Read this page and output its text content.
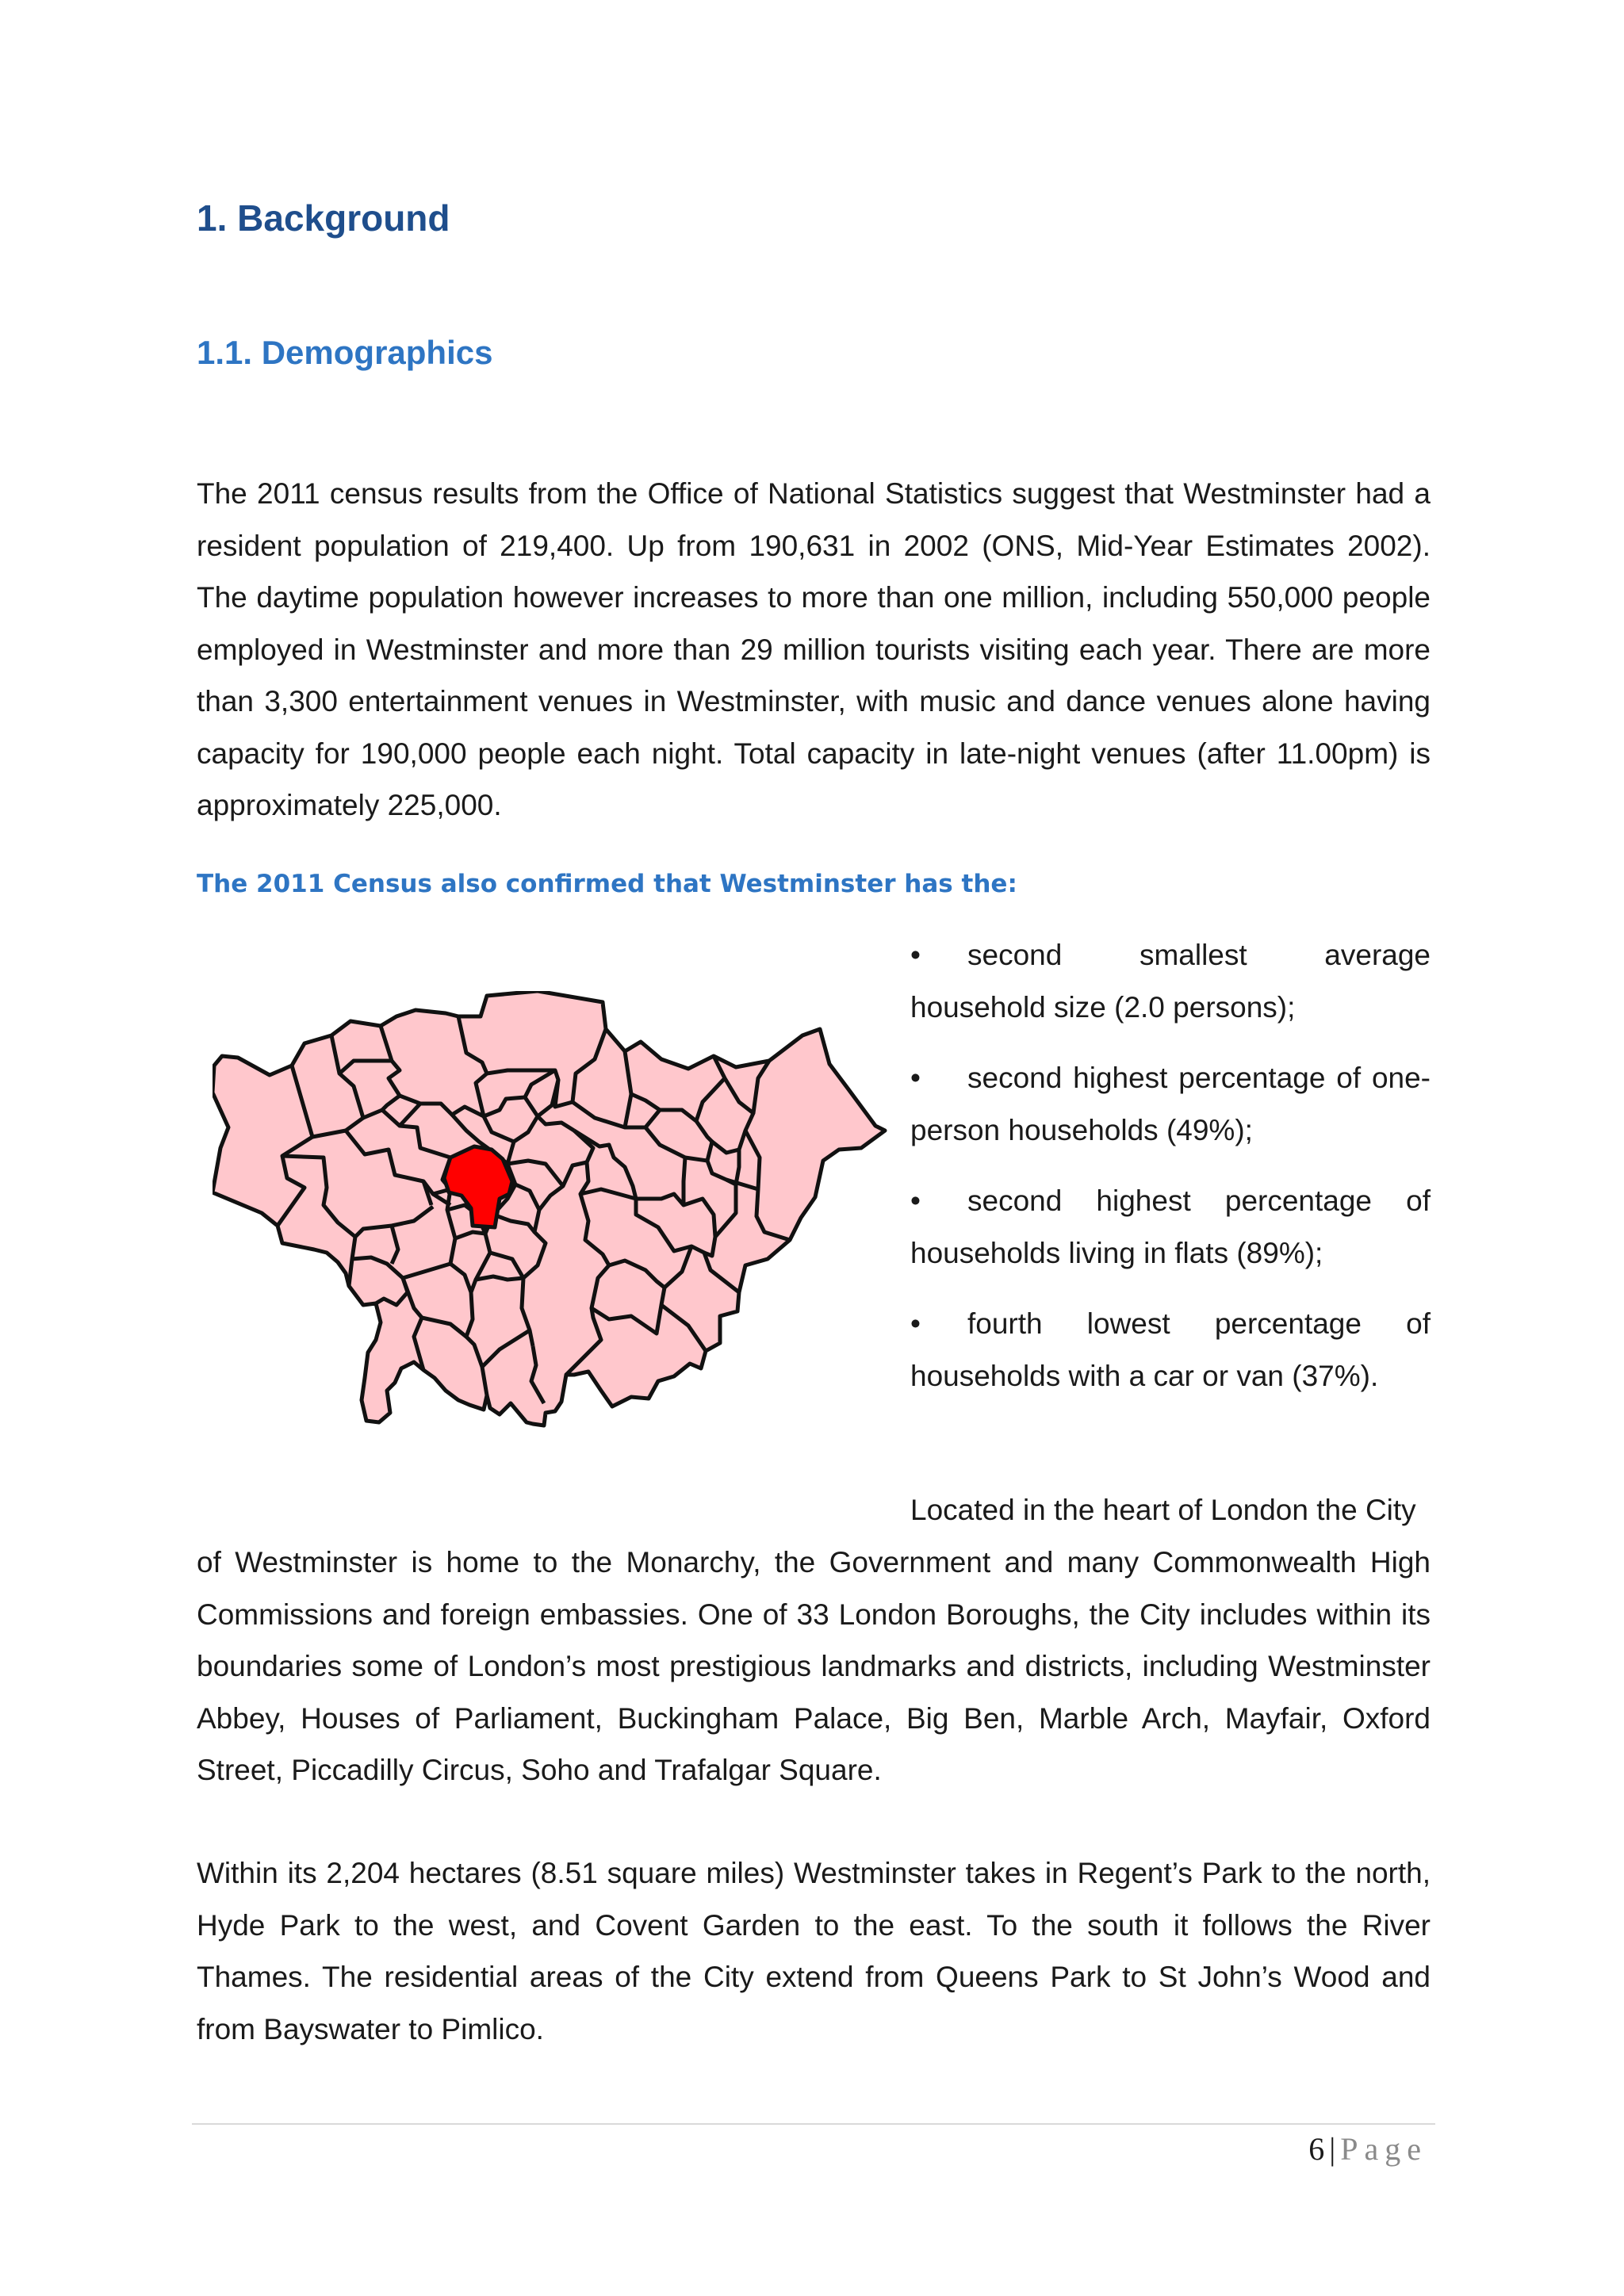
1. Background
1.1. Demographics

The 2011 census results from the Office of National Statistics suggest that Westminster had a resident population of 219,400. Up from 190,631 in 2002 (ONS, Mid-Year Estimates 2002). The daytime population however increases to more than one million, including 550,000 people employed in Westminster and more than 29 million tourists visiting each year. There are more than 3,300 entertainment venues in Westminster, with music and dance venues alone having capacity for 190,000 people each night. Total capacity in late-night venues (after 11.00pm) is approximately 225,000.

The 2011 Census also confirmed that Westminster has the:

• second smallest average household size (2.0 persons);
• second highest percentage of one-person households (49%);
• second highest percentage of households living in flats (89%);
• fourth lowest percentage of households with a car or van (37%).

Located in the heart of London the City

of Westminster is home to the Monarchy, the Government and many Commonwealth High Commissions and foreign embassies. One of 33 London Boroughs, the City includes within its boundaries some of London’s most prestigious landmarks and districts, including Westminster Abbey, Houses of Parliament, Buckingham Palace, Big Ben, Marble Arch, Mayfair, Oxford Street, Piccadilly Circus, Soho and Trafalgar Square.

Within its 2,204 hectares (8.51 square miles) Westminster takes in Regent’s Park to the north, Hyde Park to the west, and Covent Garden to the east. To the south it follows the River Thames. The residential areas of the City extend from Queens Park to St John’s Wood and from Bayswater to Pimlico.

6 | Page
